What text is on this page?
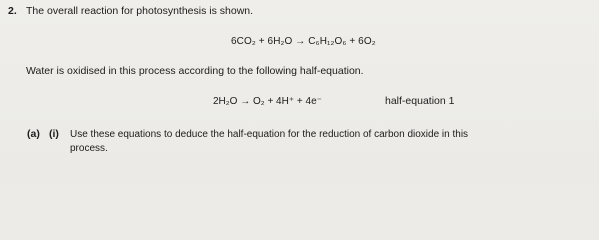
2. The overall reaction for photosynthesis is shown.
6CO₂ + 6H₂O → C₆H₁₂O₆ + 6O₂
Water is oxidised in this process according to the following half-equation.
2H₂O → O₂ + 4H⁺ + 4e⁻	half-equation 1
(a) (i) Use these equations to deduce the half-equation for the reduction of carbon dioxide in this
process.
